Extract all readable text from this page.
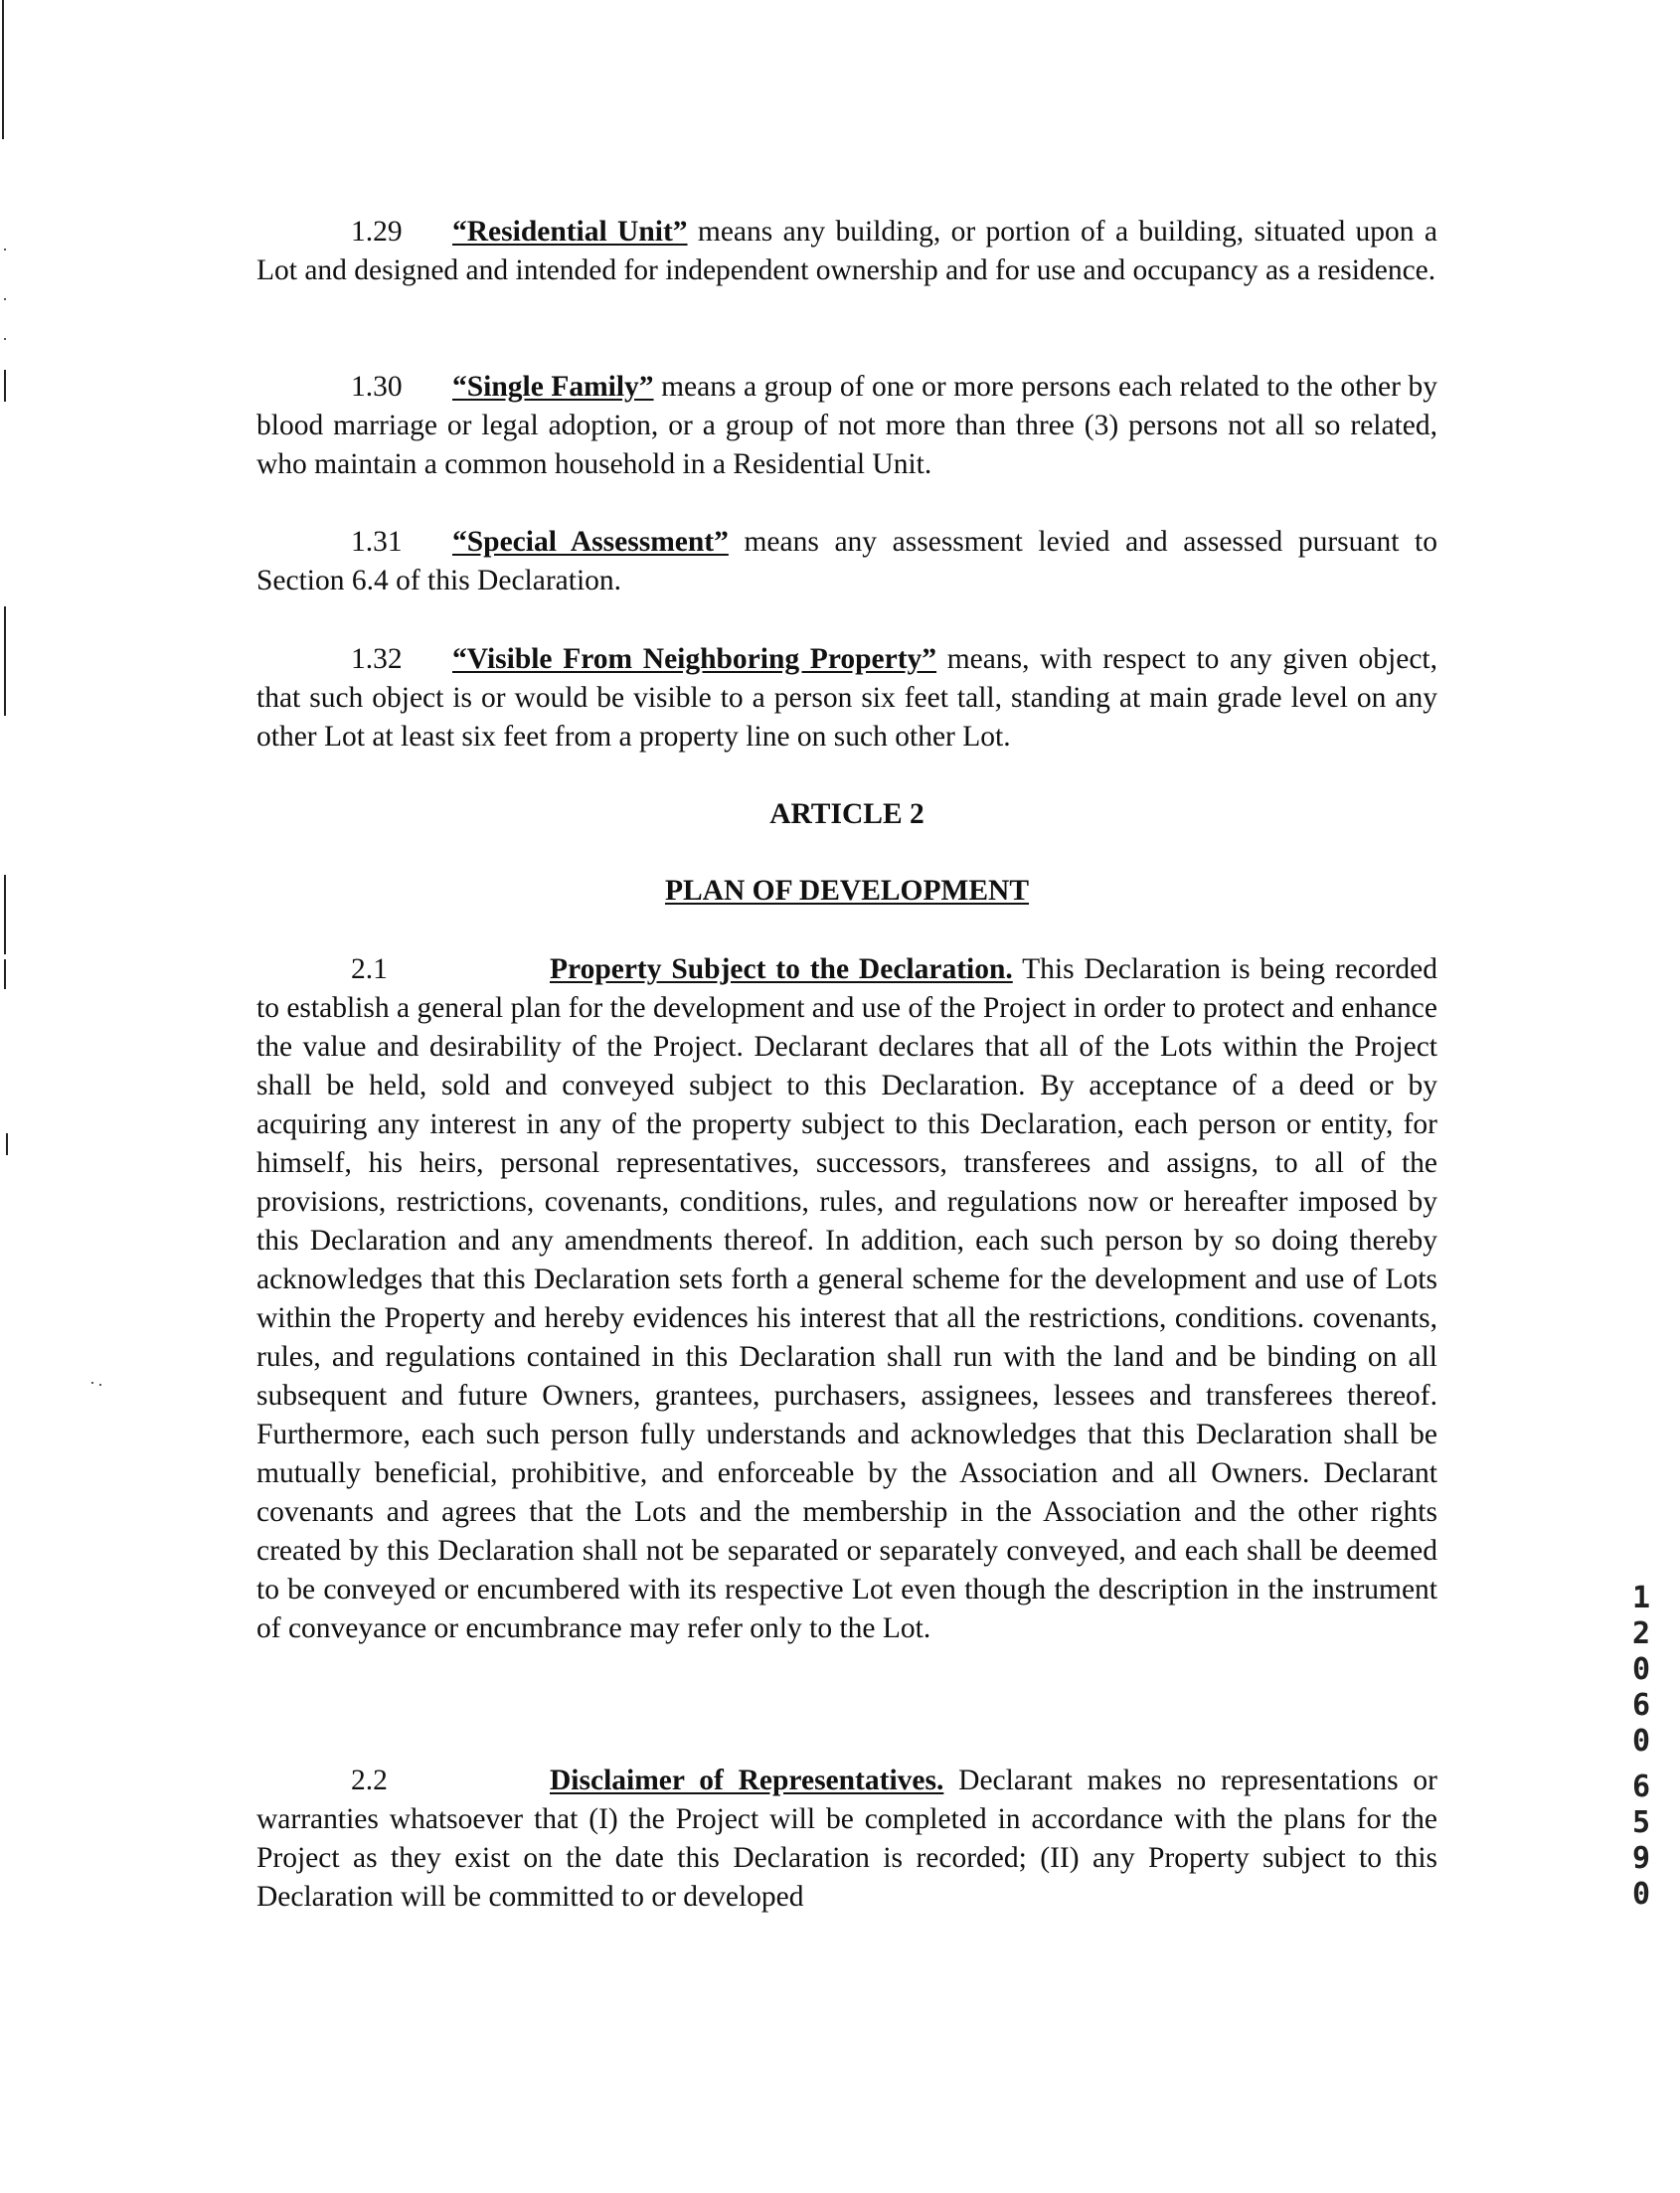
1.29 “Residential Unit” means any building, or portion of a building, situated upon a Lot and designed and intended for independent ownership and for use and occupancy as a residence.

1.30 “Single Family” means a group of one or more persons each related to the other by blood marriage or legal adoption, or a group of not more than three (3) persons not all so related, who maintain a common household in a Residential Unit.

1.31 “Special Assessment” means any assessment levied and assessed pursuant to Section 6.4 of this Declaration.

1.32 “Visible From Neighboring Property” means, with respect to any given object, that such object is or would be visible to a person six feet tall, standing at main grade level on any other Lot at least six feet from a property line on such other Lot.

ARTICLE 2

PLAN OF DEVELOPMENT

2.1	Property Subject to the Declaration. This Declaration is being recorded to establish a general plan for the development and use of the Project in order to protect and enhance the value and desirability of the Project. Declarant declares that all of the Lots within the Project shall be held, sold and conveyed subject to this Declaration. By acceptance of a deed or by acquiring any interest in any of the property subject to this Declaration, each person or entity, for himself, his heirs, personal representatives, successors, transferees and assigns, to all of the provisions, restrictions, covenants, conditions, rules, and regulations now or hereafter imposed by this Declaration and any amendments thereof. In addition, each such person by so doing thereby acknowledges that this Declaration sets forth a general scheme for the development and use of Lots within the Property and hereby evidences his interest that all the restrictions, conditions. covenants, rules, and regulations contained in this Declaration shall run with the land and be binding on all subsequent and future Owners, grantees, purchasers, assignees, lessees and transferees thereof. Furthermore, each such person fully understands and acknowledges that this Declaration shall be mutually beneficial, prohibitive, and enforceable by the Association and all Owners. Declarant covenants and agrees that the Lots and the membership in the Association and the other rights created by this Declaration shall not be separated or separately conveyed, and each shall be deemed to be conveyed or encumbered with its respective Lot even though the description in the instrument of conveyance or encumbrance may refer only to the Lot.

2.2	Disclaimer of Representatives. Declarant makes no representations or warranties whatsoever that (I) the Project will be completed in accordance with the plans for the Project as they exist on the date this Declaration is recorded; (II) any Property subject to this Declaration will be committed to or developed

1
2
0
6
0
6
5
9
0
